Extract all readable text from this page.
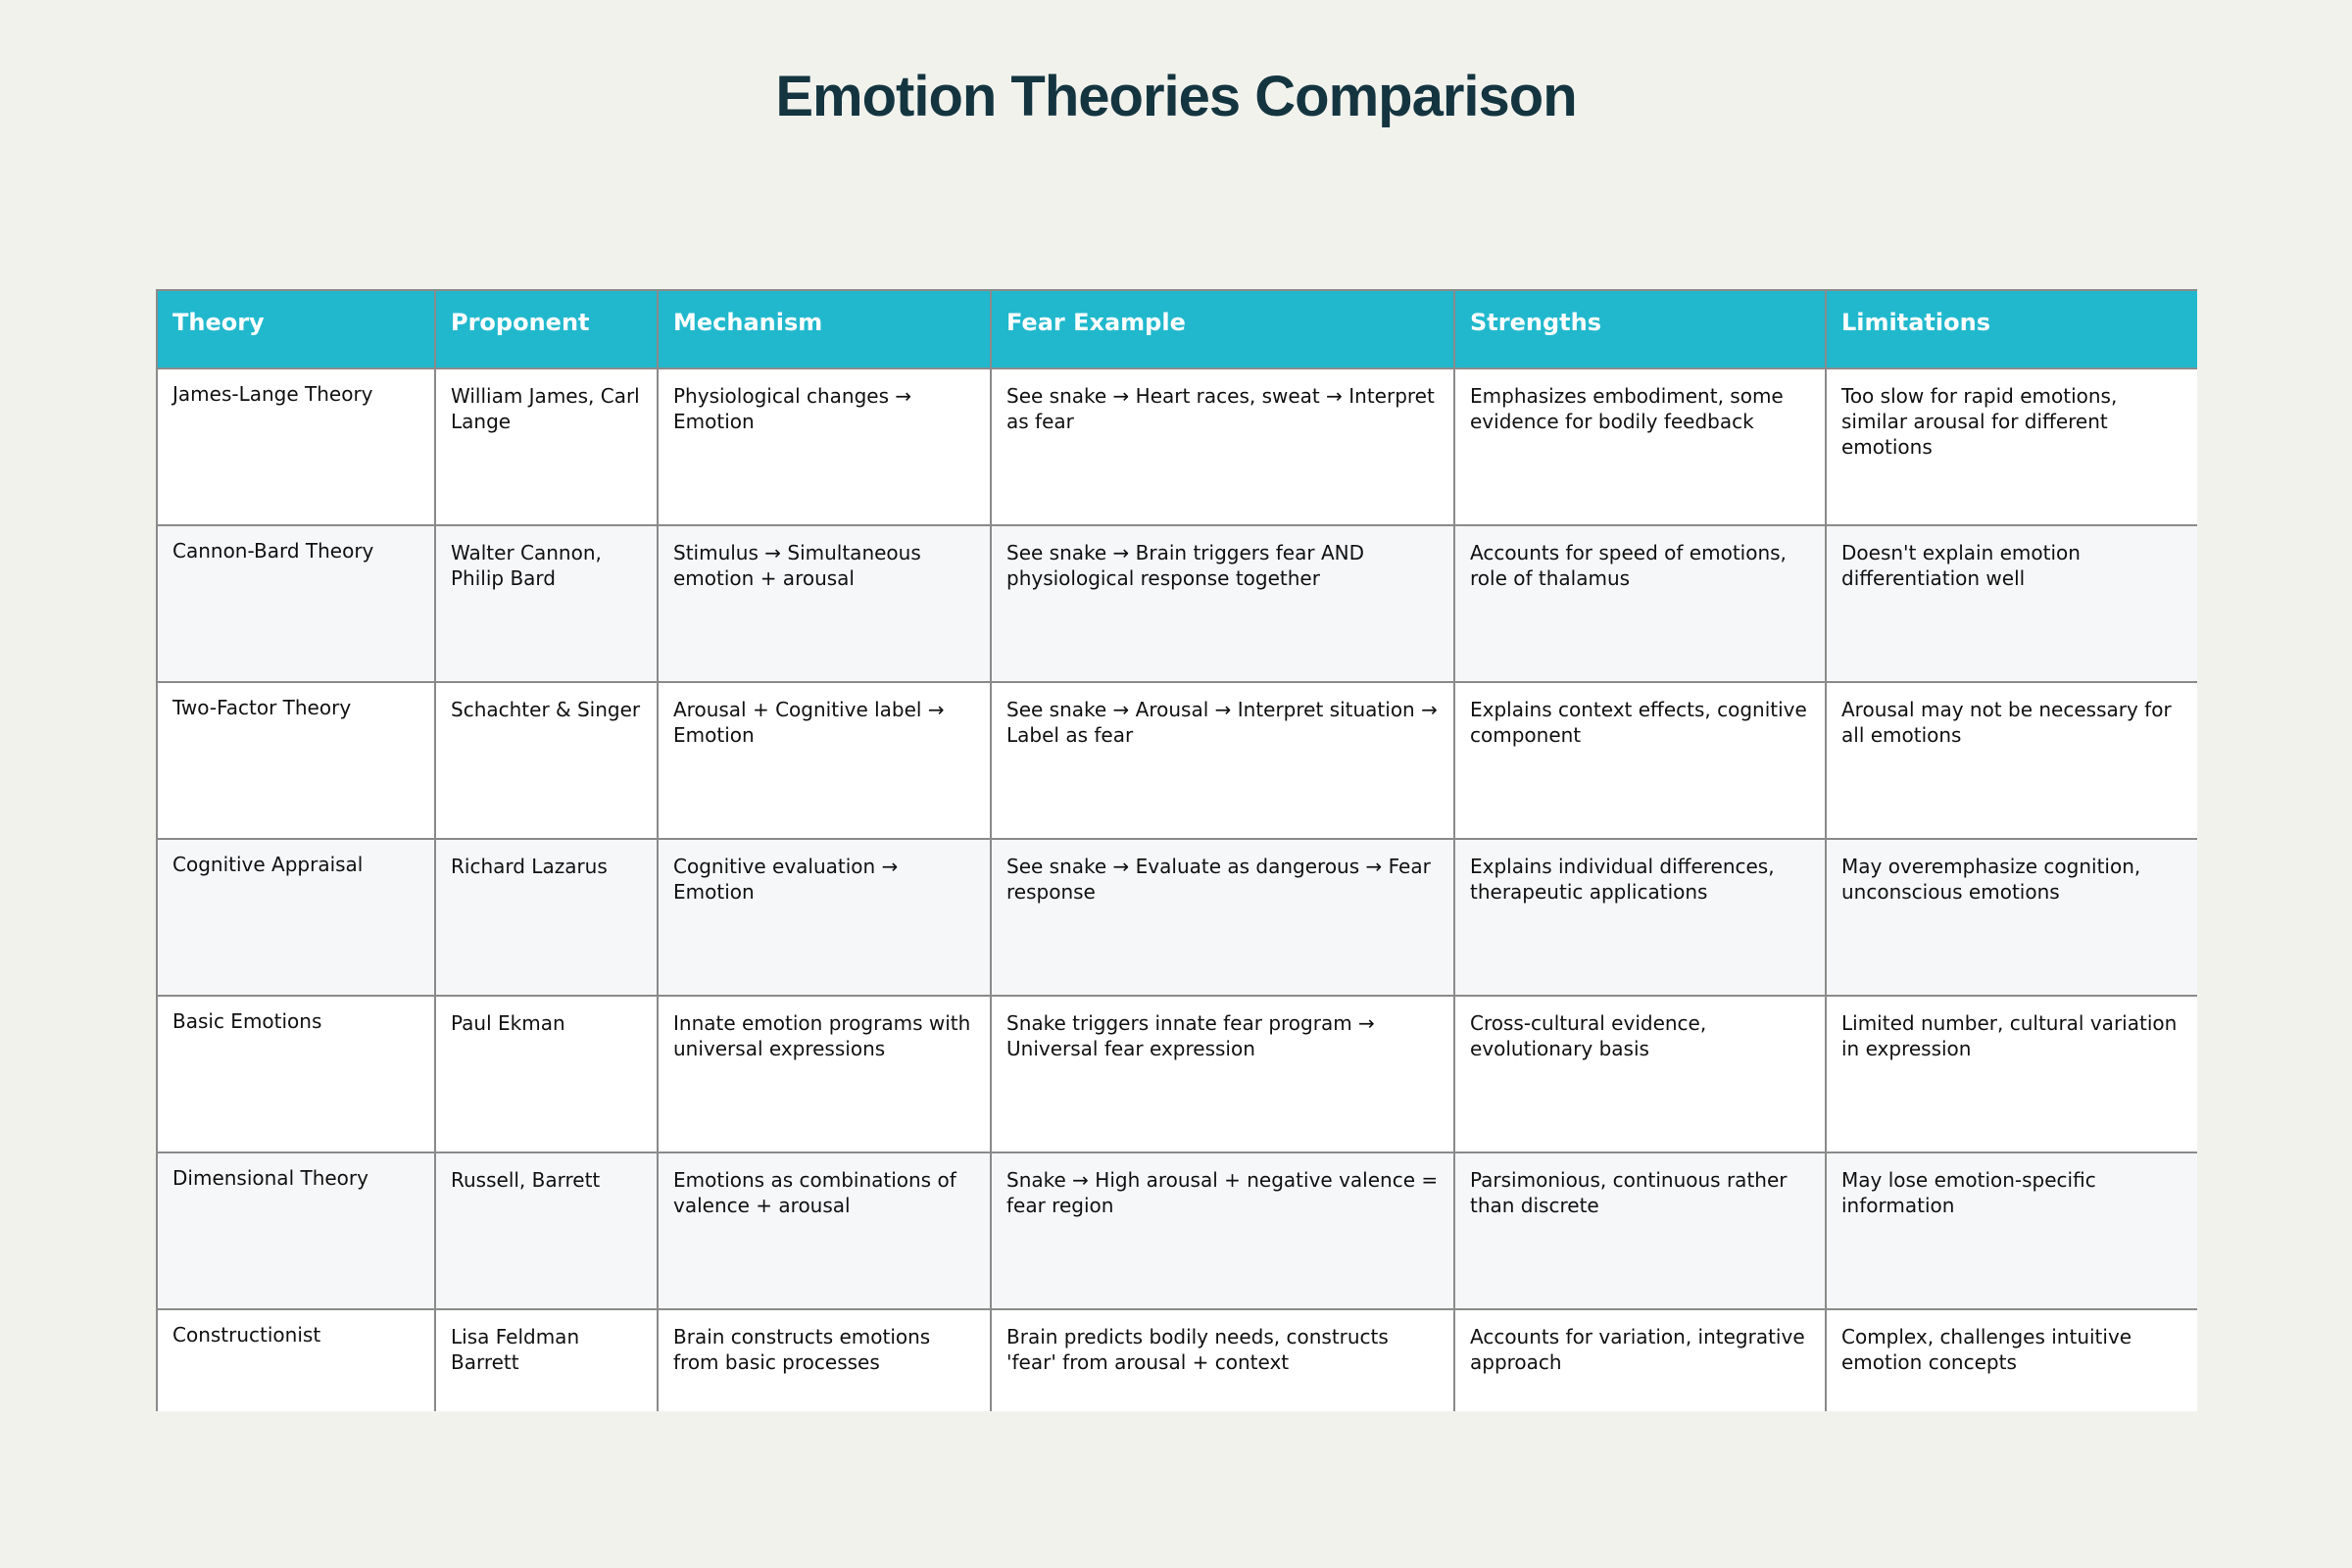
Emotion Theories Comparison
Theory	Proponent	Mechanism	Fear Example	Strengths	Limitations
James-Lange Theory	William James, Carl Lange	Physiological changes → Emotion	See snake → Heart races, sweat → Interpret as fear	Emphasizes embodiment, some evidence for bodily feedback	Too slow for rapid emotions, similar arousal for different emotions
Cannon-Bard Theory	Walter Cannon, Philip Bard	Stimulus → Simultaneous emotion + arousal	See snake → Brain triggers fear AND physiological response together	Accounts for speed of emotions, role of thalamus	Doesn't explain emotion differentiation well
Two-Factor Theory	Schachter & Singer	Arousal + Cognitive label → Emotion	See snake → Arousal → Interpret situation → Label as fear	Explains context effects, cognitive component	Arousal may not be necessary for all emotions
Cognitive Appraisal	Richard Lazarus	Cognitive evaluation → Emotion	See snake → Evaluate as dangerous → Fear response	Explains individual differences, therapeutic applications	May overemphasize cognition, unconscious emotions
Basic Emotions	Paul Ekman	Innate emotion programs with universal expressions	Snake triggers innate fear program → Universal fear expression	Cross-cultural evidence, evolutionary basis	Limited number, cultural variation in expression
Dimensional Theory	Russell, Barrett	Emotions as combinations of valence + arousal	Snake → High arousal + negative valence = fear region	Parsimonious, continuous rather than discrete	May lose emotion-specific information
Constructionist	Lisa Feldman Barrett	Brain constructs emotions from basic processes	Brain predicts bodily needs, constructs 'fear' from arousal + context	Accounts for variation, integrative approach	Complex, challenges intuitive emotion concepts
